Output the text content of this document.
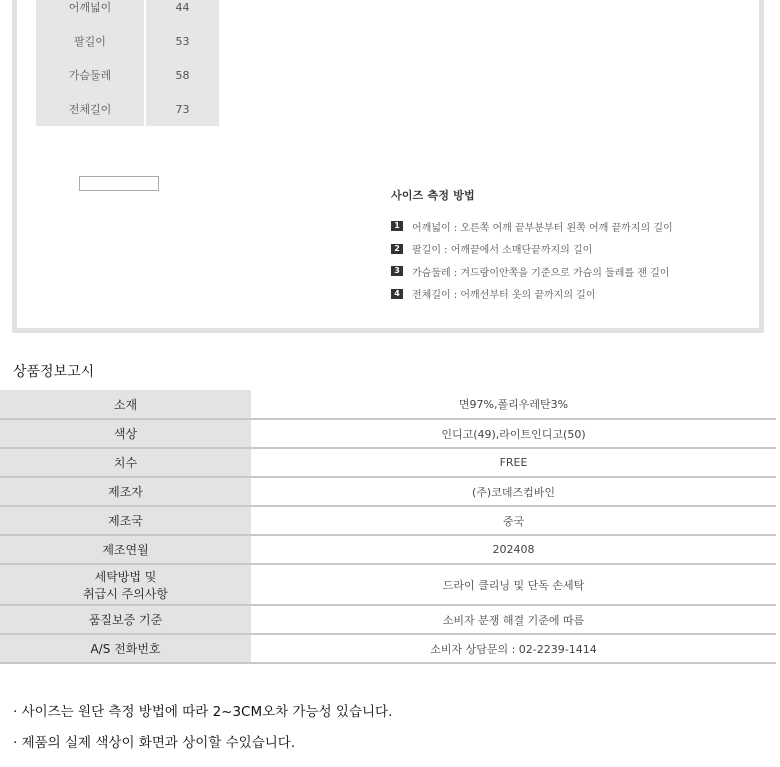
어깨넓이	44
팔길이	53
가슴둘레	58
전체길이	73
사이즈 측정 방법
1	어깨넓이 : 오른쪽 어깨 끝부분부터 왼쪽 어깨 끝까지의 길이
2	팔길이 : 어깨끝에서 소매단끝까지의 길이
3	가슴둘레 : 겨드랑이안쪽을 기준으로 가슴의 둘레를 잰 길이
4	전체길이 : 어깨선부터 옷의 끝까지의 길이
상품정보고시
소재	면97%,폴리우레탄3%
색상	인디고(49),라이트인디고(50)
치수	FREE
제조자	(주)코데즈컴바인
제조국	중국
제조연월	202408

세탁방법 및
취급시 주의사항	드라이 클리닝 및 단독 손세탁
품질보증 기준	소비자 분쟁 해결 기준에 따름
A/S 전화번호	소비자 상담문의 : 02-2239-1414
· 사이즈는 원단 측정 방법에 따라 2~3CM오차 가능성 있습니다.
· 제품의 실제 색상이 화면과 상이할 수있습니다.
